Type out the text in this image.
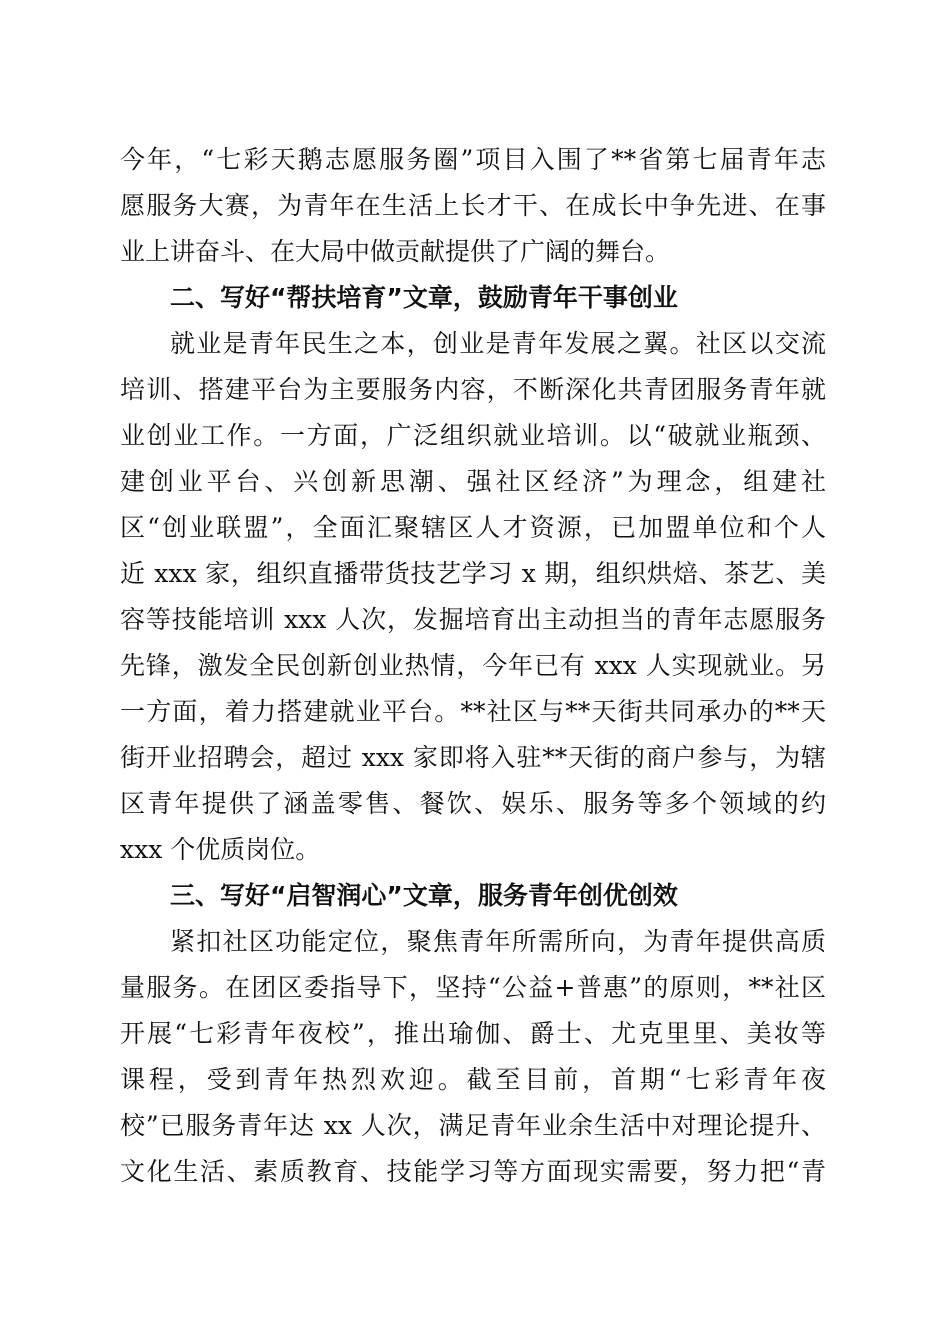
今年，“七彩天鹅志愿服务圈”项目入围了**省第七届青年志
愿服务大赛，为青年在生活上长才干、在成长中争先进、在事
业上讲奋斗、在大局中做贡献提供了广阔的舞台。
二、写好“帮扶培育”文章，鼓励青年干事创业
就业是青年民生之本，创业是青年发展之翼。社区以交流
培训、搭建平台为主要服务内容，不断深化共青团服务青年就
业创业工作。一方面，广泛组织就业培训。以“破就业瓶颈、
建创业平台、兴创新思潮、强社区经济”为理念，组建社
区“创业联盟”，全面汇聚辖区人才资源，已加盟单位和个人
近 xxx 家，组织直播带货技艺学习 x 期，组织烘焙、茶艺、美
容等技能培训 xxx 人次，发掘培育出主动担当的青年志愿服务
先锋，激发全民创新创业热情，今年已有 xxx 人实现就业。另
一方面，着力搭建就业平台。**社区与**天街共同承办的**天
街开业招聘会，超过 xxx 家即将入驻**天街的商户参与，为辖
区青年提供了涵盖零售、餐饮、娱乐、服务等多个领域的约
xxx 个优质岗位。
三、写好“启智润心”文章，服务青年创优创效
紧扣社区功能定位，聚焦青年所需所向，为青年提供高质
量服务。在团区委指导下，坚持“公益+普惠”的原则，**社区
开展“七彩青年夜校”，推出瑜伽、爵士、尤克里里、美妆等
课程，受到青年热烈欢迎。截至目前，首期“七彩青年夜
校”已服务青年达 xx 人次，满足青年业余生活中对理论提升、
文化生活、素质教育、技能学习等方面现实需要，努力把“青
